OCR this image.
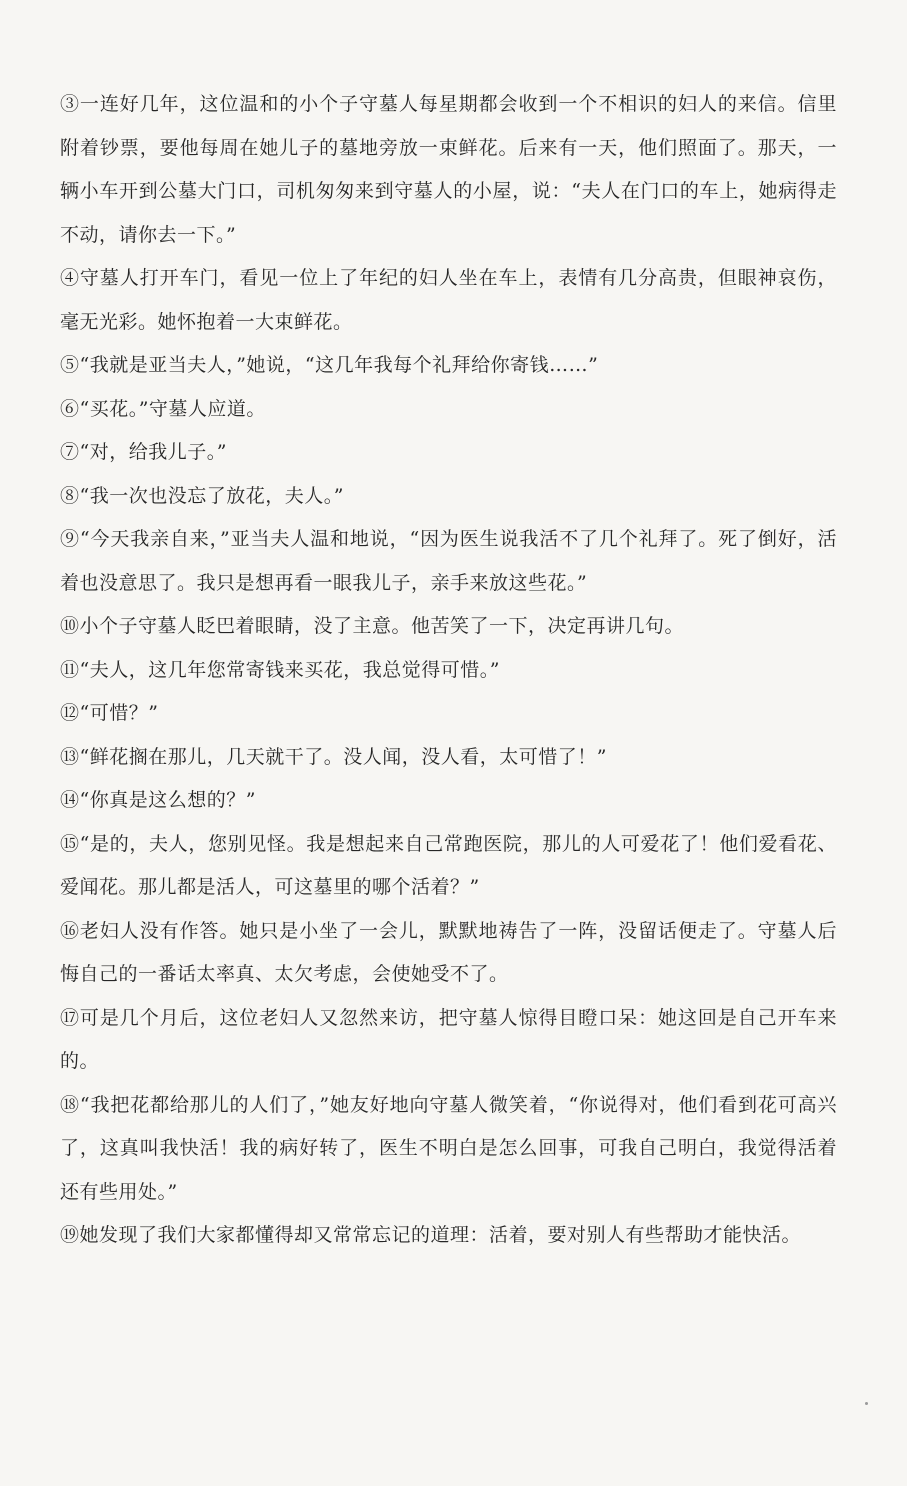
③一连好几年，这位温和的小个子守墓人每星期都会收到一个不相识的妇人的来信。信里附着钞票，要他每周在她儿子的墓地旁放一束鲜花。后来有一天，他们照面了。那天，一辆小车开到公墓大门口，司机匆匆来到守墓人的小屋，说：“夫人在门口的车上，她病得走不动，请你去一下。”

④守墓人打开车门，看见一位上了年纪的妇人坐在车上，表情有几分高贵，但眼神哀伤，毫无光彩。她怀抱着一大束鲜花。

⑤“我就是亚当夫人，”她说，“这几年我每个礼拜给你寄钱……”

⑥“买花。”守墓人应道。

⑦“对，给我儿子。”

⑧“我一次也没忘了放花，夫人。”

⑨“今天我亲自来，”亚当夫人温和地说，“因为医生说我活不了几个礼拜了。死了倒好，活着也没意思了。我只是想再看一眼我儿子，亲手来放这些花。”

⑩小个子守墓人眨巴着眼睛，没了主意。他苦笑了一下，决定再讲几句。

⑪“夫人，这几年您常寄钱来买花，我总觉得可惜。”

⑫“可惜？”

⑬“鲜花搁在那儿，几天就干了。没人闻，没人看，太可惜了！”

⑭“你真是这么想的？”

⑮“是的，夫人，您别见怪。我是想起来自己常跑医院，那儿的人可爱花了！他们爱看花、爱闻花。那儿都是活人，可这墓里的哪个活着？”

⑯老妇人没有作答。她只是小坐了一会儿，默默地祷告了一阵，没留话便走了。守墓人后悔自己的一番话太率真、太欠考虑，会使她受不了。

⑰可是几个月后，这位老妇人又忽然来访，把守墓人惊得目瞪口呆：她这回是自己开车来的。

⑱“我把花都给那儿的人们了，”她友好地向守墓人微笑着，“你说得对，他们看到花可高兴了，这真叫我快活！我的病好转了，医生不明白是怎么回事，可我自己明白，我觉得活着还有些用处。”

⑲她发现了我们大家都懂得却又常常忘记的道理：活着，要对别人有些帮助才能快活。
